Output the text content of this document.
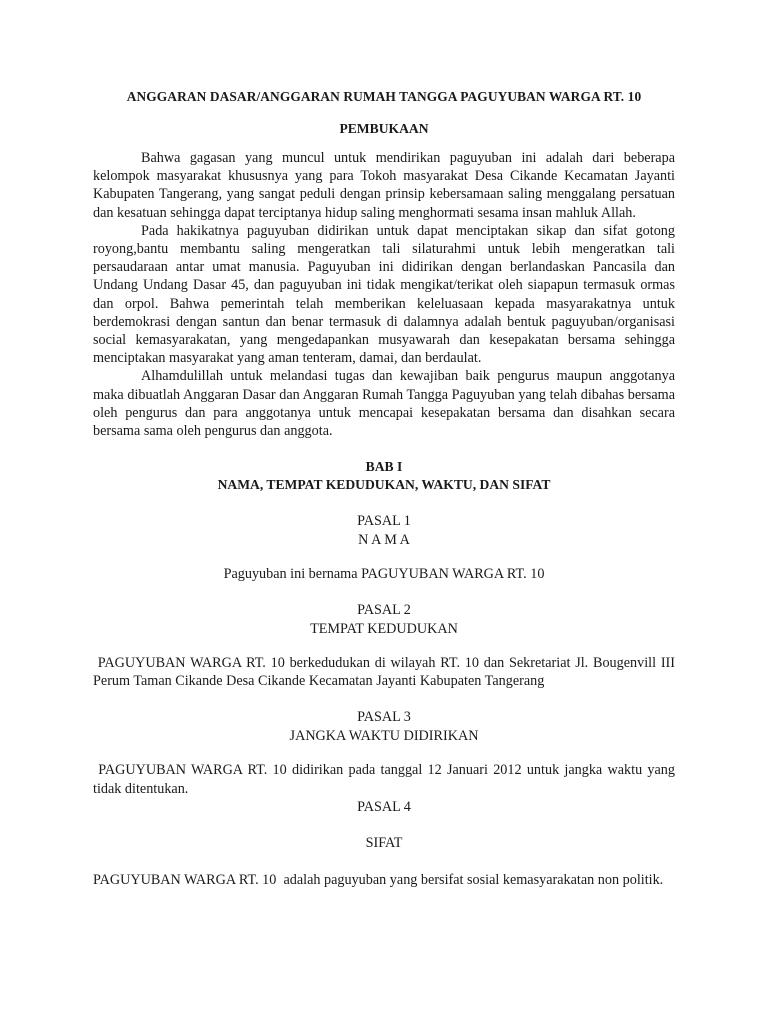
ANGGARAN DASAR/ANGGARAN RUMAH TANGGA PAGUYUBAN WARGA RT. 10
PEMBUKAAN

Bahwa gagasan yang muncul untuk mendirikan paguyuban ini adalah dari beberapa kelompok masyarakat khususnya yang para Tokoh masyarakat Desa Cikande Kecamatan Jayanti Kabupaten Tangerang, yang sangat peduli dengan prinsip kebersamaan saling menggalang persatuan dan kesatuan sehingga dapat terciptanya hidup saling menghormati sesama insan mahluk Allah.

Pada hakikatnya paguyuban didirikan untuk dapat menciptakan sikap dan sifat gotong royong,bantu membantu saling mengeratkan tali silaturahmi untuk lebih mengeratkan tali persaudaraan antar umat manusia. Paguyuban ini didirikan dengan berlandaskan Pancasila dan Undang Undang Dasar 45, dan paguyuban ini tidak mengikat/terikat oleh siapapun termasuk ormas dan orpol. Bahwa pemerintah telah memberikan keleluasaan kepada masyarakatnya untuk berdemokrasi dengan santun dan benar termasuk di dalamnya adalah bentuk paguyuban/organisasi social kemasyarakatan, yang mengedapankan musyawarah dan kesepakatan bersama sehingga menciptakan masyarakat yang aman tenteram, damai, dan berdaulat.

Alhamdulillah untuk melandasi tugas dan kewajiban baik pengurus maupun anggotanya maka dibuatlah Anggaran Dasar dan Anggaran Rumah Tangga Paguyuban yang telah dibahas bersama oleh pengurus dan para anggotanya untuk mencapai kesepakatan bersama dan disahkan secara bersama sama oleh pengurus dan anggota.

BAB I
NAMA, TEMPAT KEDUDUKAN, WAKTU, DAN SIFAT
PASAL 1
N A M A

Paguyuban ini bernama PAGUYUBAN WARGA RT. 10

PASAL 2
TEMPAT KEDUDUKAN

PAGUYUBAN WARGA RT. 10 berkedudukan di wilayah RT. 10 dan Sekretariat Jl. Bougenvill III Perum Taman Cikande Desa Cikande Kecamatan Jayanti Kabupaten Tangerang

PASAL 3
JANGKA WAKTU DIDIRIKAN

PAGUYUBAN WARGA RT. 10 didirikan pada tanggal 12 Januari 2012 untuk jangka waktu yang tidak ditentukan.

PASAL 4
SIFAT

PAGUYUBAN WARGA RT. 10  adalah paguyuban yang bersifat sosial kemasyarakatan non politik.
